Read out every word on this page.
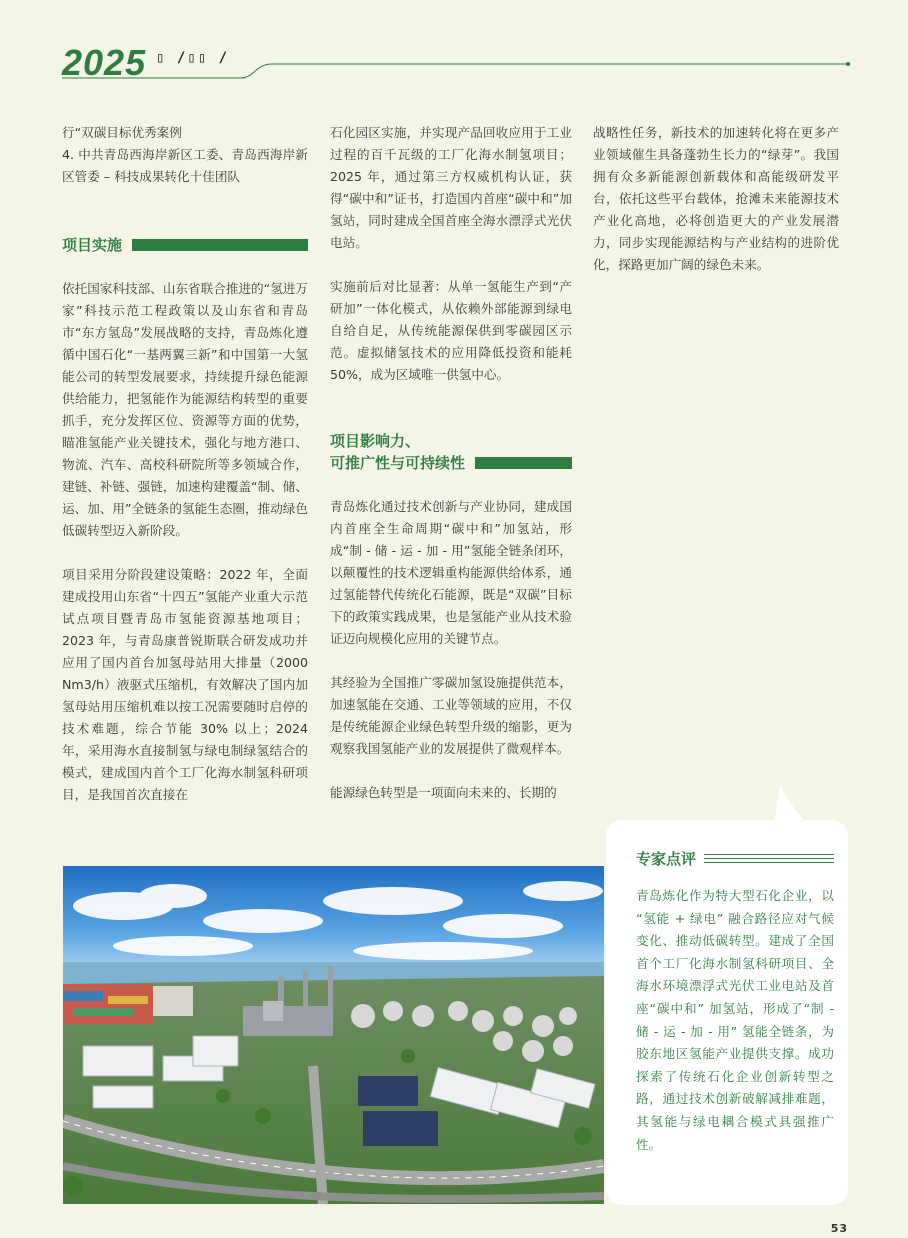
2025 ▯ /▯▯ /

行“双碳目标优秀案例
4. 中共青岛西海岸新区工委、青岛西海岸新区管委 – 科技成果转化十佳团队

项目实施

依托国家科技部、山东省联合推进的“氢进万家”科技示范工程政策以及山东省和青岛市“东方氢岛”发展战略的支持，青岛炼化遵循中国石化“一基两翼三新”和中国第一大氢能公司的转型发展要求，持续提升绿色能源供给能力，把氢能作为能源结构转型的重要抓手，充分发挥区位、资源等方面的优势，瞄准氢能产业关键技术，强化与地方港口、物流、汽车、高校科研院所等多领域合作，建链、补链、强链，加速构建覆盖“制、储、运、加、用”全链条的氢能生态圈，推动绿色低碳转型迈入新阶段。

项目采用分阶段建设策略：2022 年，全面建成投用山东省“十四五”氢能产业重大示范试点项目暨青岛市氢能资源基地项目；2023 年，与青岛康普锐斯联合研发成功并应用了国内首台加氢母站用大排量（2000 Nm3/h）液驱式压缩机，有效解决了国内加氢母站用压缩机难以按工况需要随时启停的技术难题，综合节能 30% 以上；2024 年，采用海水直接制氢与绿电制绿氢结合的模式，建成国内首个工厂化海水制氢科研项目，是我国首次直接在

石化园区实施，并实现产品回收应用于工业过程的百千瓦级的工厂化海水制氢项目；2025 年，通过第三方权威机构认证，获得“碳中和”证书，打造国内首座“碳中和”加氢站，同时建成全国首座全海水漂浮式光伏电站。

实施前后对比显著：从单一氢能生产到“产研加”一体化模式，从依赖外部能源到绿电自给自足，从传统能源保供到零碳园区示范。虚拟储氢技术的应用降低投资和能耗 50%，成为区域唯一供氢中心。

项目影响力、
可推广性与可持续性

青岛炼化通过技术创新与产业协同，建成国内首座全生命周期“碳中和”加氢站，形成“制 - 储 - 运 - 加 - 用”氢能全链条闭环，以颠覆性的技术逻辑重构能源供给体系，通过氢能替代传统化石能源，既是“双碳”目标下的政策实践成果，也是氢能产业从技术验证迈向规模化应用的关键节点。

其经验为全国推广零碳加氢设施提供范本，加速氢能在交通、工业等领域的应用，不仅是传统能源企业绿色转型升级的缩影，更为观察我国氢能产业的发展提供了微观样本。

能源绿色转型是一项面向未来的、长期的

战略性任务，新技术的加速转化将在更多产业领域催生具备蓬勃生长力的“绿芽”。我国拥有众多新能源创新载体和高能级研发平台，依托这些平台载体，抢滩未来能源技术产业化高地，必将创造更大的产业发展潜力，同步实现能源结构与产业结构的进阶优化，探路更加广阔的绿色未来。

专家点评
青岛炼化作为特大型石化企业，以 “氢能 + 绿电” 融合路径应对气候变化、推动低碳转型。建成了全国首个工厂化海水制氢科研项目、全海水环境漂浮式光伏工业电站及首座“碳中和” 加氢站，形成了“制 - 储 - 运 - 加 - 用” 氢能全链条，为胶东地区氢能产业提供支撑。成功探索了传统石化企业创新转型之路，通过技术创新破解减排难题，其氢能与绿电耦合模式具强推广性。
53
